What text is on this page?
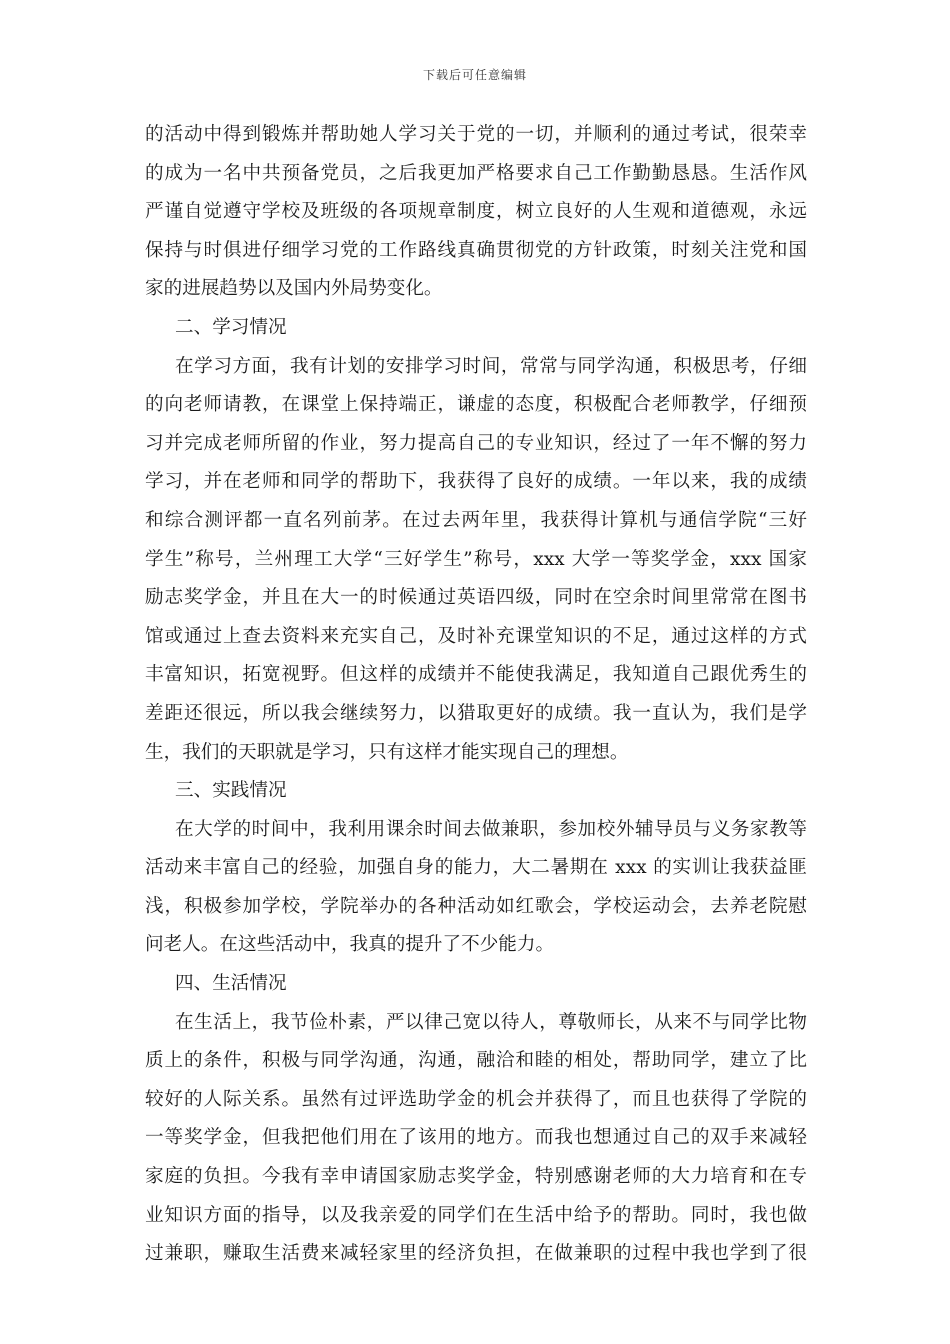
下载后可任意编辑
的活动中得到锻炼并帮助她人学习关于党的一切，并顺利的通过考试，很荣幸
的成为一名中共预备党员，之后我更加严格要求自己工作勤勤恳恳。生活作风
严谨自觉遵守学校及班级的各项规章制度，树立良好的人生观和道德观，永远
保持与时俱进仔细学习党的工作路线真确贯彻党的方针政策，时刻关注党和国
家的进展趋势以及国内外局势变化。
二、学习情况
在学习方面，我有计划的安排学习时间，常常与同学沟通，积极思考，仔细
的向老师请教，在课堂上保持端正，谦虚的态度，积极配合老师教学，仔细预
习并完成老师所留的作业，努力提高自己的专业知识，经过了一年不懈的努力
学习，并在老师和同学的帮助下，我获得了良好的成绩。一年以来，我的成绩
和综合测评都一直名列前茅。在过去两年里，我获得计算机与通信学院“三好
学生”称号，兰州理工大学“三好学生”称号，xxx 大学一等奖学金，xxx 国家
励志奖学金，并且在大一的时候通过英语四级，同时在空余时间里常常在图书
馆或通过上查去资料来充实自己，及时补充课堂知识的不足，通过这样的方式
丰富知识，拓宽视野。但这样的成绩并不能使我满足，我知道自己跟优秀生的
差距还很远，所以我会继续努力，以猎取更好的成绩。我一直认为，我们是学
生，我们的天职就是学习，只有这样才能实现自己的理想。
三、实践情况
在大学的时间中，我利用课余时间去做兼职，参加校外辅导员与义务家教等
活动来丰富自己的经验，加强自身的能力，大二暑期在 xxx 的实训让我获益匪
浅，积极参加学校，学院举办的各种活动如红歌会，学校运动会，去养老院慰
问老人。在这些活动中，我真的提升了不少能力。
四、生活情况
在生活上，我节俭朴素，严以律己宽以待人，尊敬师长，从来不与同学比物
质上的条件，积极与同学沟通，沟通，融洽和睦的相处，帮助同学，建立了比
较好的人际关系。虽然有过评选助学金的机会并获得了，而且也获得了学院的
一等奖学金，但我把他们用在了该用的地方。而我也想通过自己的双手来减轻
家庭的负担。今我有幸申请国家励志奖学金，特别感谢老师的大力培育和在专
业知识方面的指导，以及我亲爱的同学们在生活中给予的帮助。同时，我也做
过兼职，赚取生活费来减轻家里的经济负担，在做兼职的过程中我也学到了很
